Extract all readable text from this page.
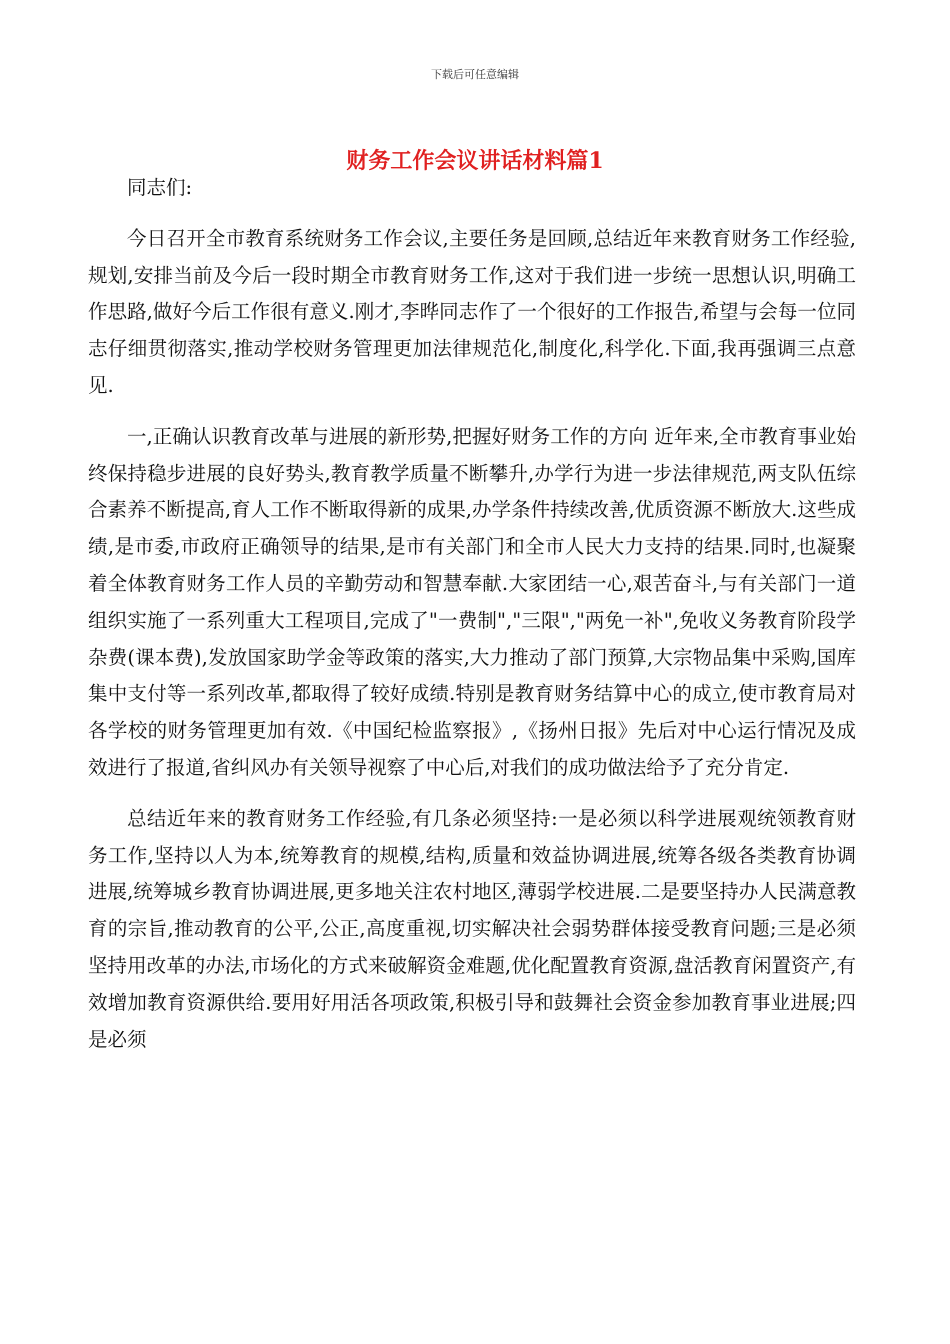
下载后可任意编辑
财务工作会议讲话材料篇1

同志们:

今日召开全市教育系统财务工作会议,主要任务是回顾,总结近年来教育财务工作经验,规划,安排当前及今后一段时期全市教育财务工作,这对于我们进一步统一思想认识,明确工作思路,做好今后工作很有意义.刚才,李晔同志作了一个很好的工作报告,希望与会每一位同志仔细贯彻落实,推动学校财务管理更加法律规范化,制度化,科学化.下面,我再强调三点意见.

一,正确认识教育改革与进展的新形势,把握好财务工作的方向 近年来,全市教育事业始终保持稳步进展的良好势头,教育教学质量不断攀升,办学行为进一步法律规范,两支队伍综合素养不断提高,育人工作不断取得新的成果,办学条件持续改善,优质资源不断放大.这些成绩,是市委,市政府正确领导的结果,是市有关部门和全市人民大力支持的结果.同时,也凝聚着全体教育财务工作人员的辛勤劳动和智慧奉献.大家团结一心,艰苦奋斗,与有关部门一道组织实施了一系列重大工程项目,完成了"一费制","三限","两免一补",免收义务教育阶段学杂费(课本费),发放国家助学金等政策的落实,大力推动了部门预算,大宗物品集中采购,国库集中支付等一系列改革,都取得了较好成绩.特别是教育财务结算中心的成立,使市教育局对各学校的财务管理更加有效.《中国纪检监察报》,《扬州日报》先后对中心运行情况及成效进行了报道,省纠风办有关领导视察了中心后,对我们的成功做法给予了充分肯定.

总结近年来的教育财务工作经验,有几条必须坚持:一是必须以科学进展观统领教育财务工作,坚持以人为本,统筹教育的规模,结构,质量和效益协调进展,统筹各级各类教育协调进展,统筹城乡教育协调进展,更多地关注农村地区,薄弱学校进展.二是要坚持办人民满意教育的宗旨,推动教育的公平,公正,高度重视,切实解决社会弱势群体接受教育问题;三是必须坚持用改革的办法,市场化的方式来破解资金难题,优化配置教育资源,盘活教育闲置资产,有效增加教育资源供给.要用好用活各项政策,积极引导和鼓舞社会资金参加教育事业进展;四是必须
